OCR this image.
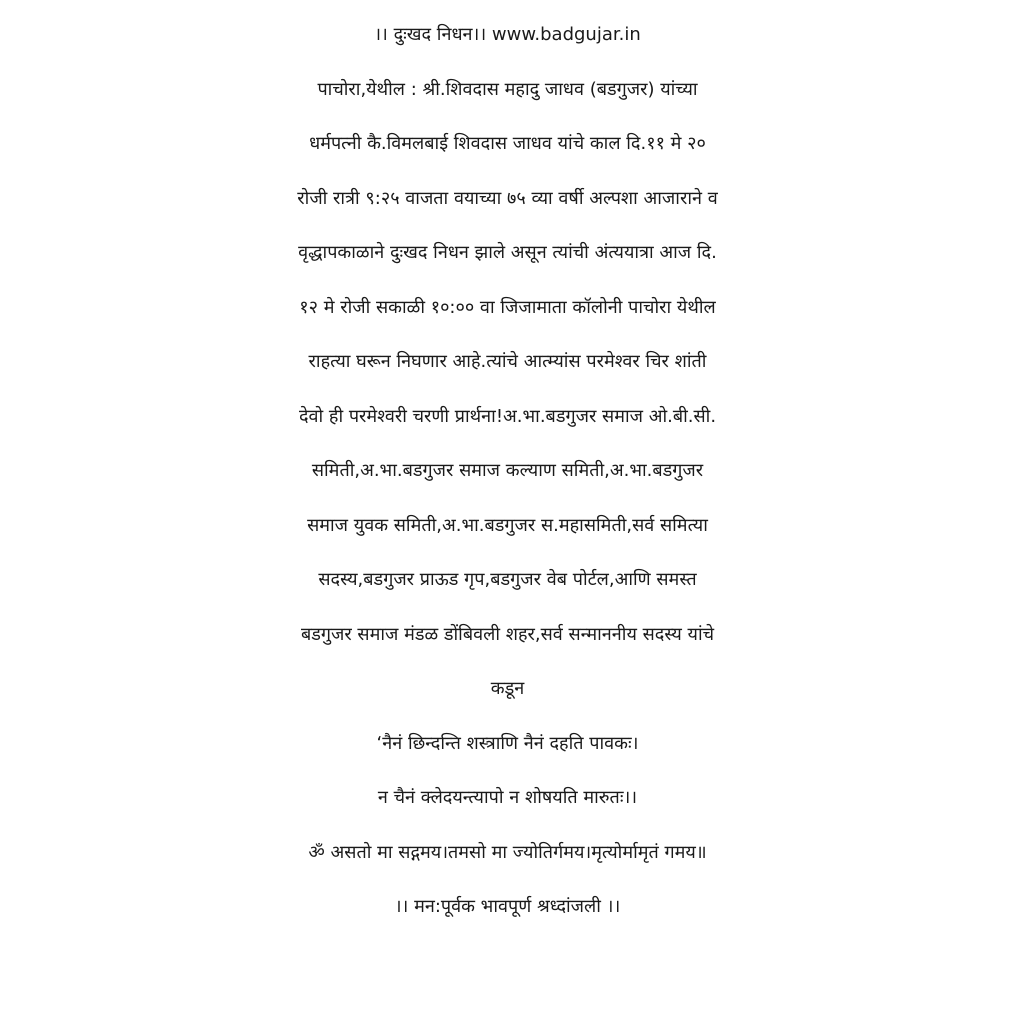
।। दुःखद निधन।। www.badgujar.in
पाचोरा,येथील : श्री.शिवदास महादु जाधव (बडगुजर) यांच्या
धर्मपत्नी कै.विमलबाई शिवदास जाधव यांचे काल दि.११ मे २०
रोजी रात्री ९:२५ वाजता वयाच्या ७५ व्या वर्षी अल्पशा आजाराने व
वृद्धापकाळाने दुःखद निधन झाले असून त्यांची अंत्ययात्रा आज दि.
१२ मे रोजी सकाळी १०:०० वा जिजामाता कॉलोनी पाचोरा येथील
राहत्या घरून निघणार आहे.त्यांचे आत्म्यांस परमेश्वर चिर शांती
देवो ही परमेश्वरी चरणी प्रार्थना!अ.भा.बडगुजर समाज ओ.बी.सी.
समिती,अ.भा.बडगुजर समाज कल्याण समिती,अ.भा.बडगुजर
समाज युवक समिती,अ.भा.बडगुजर स.महासमिती,सर्व समित्या
सदस्य,बडगुजर प्राऊड गृप,बडगुजर वेब पोर्टल,आणि समस्त
बडगुजर समाज मंडळ डोंबिवली शहर,सर्व सन्माननीय सदस्य यांचे
कडून
‘नैनं छिन्दन्ति शस्त्राणि नैनं दहति पावकः।
न चैनं क्लेदयन्त्यापो न शोषयति मारुतः।।
ॐ असतो मा सद्गमय।तमसो मा ज्योतिर्गमय।मृत्योर्मामृतं गमय॥
।। मन:पूर्वक भावपूर्ण श्रध्दांजली ।।
